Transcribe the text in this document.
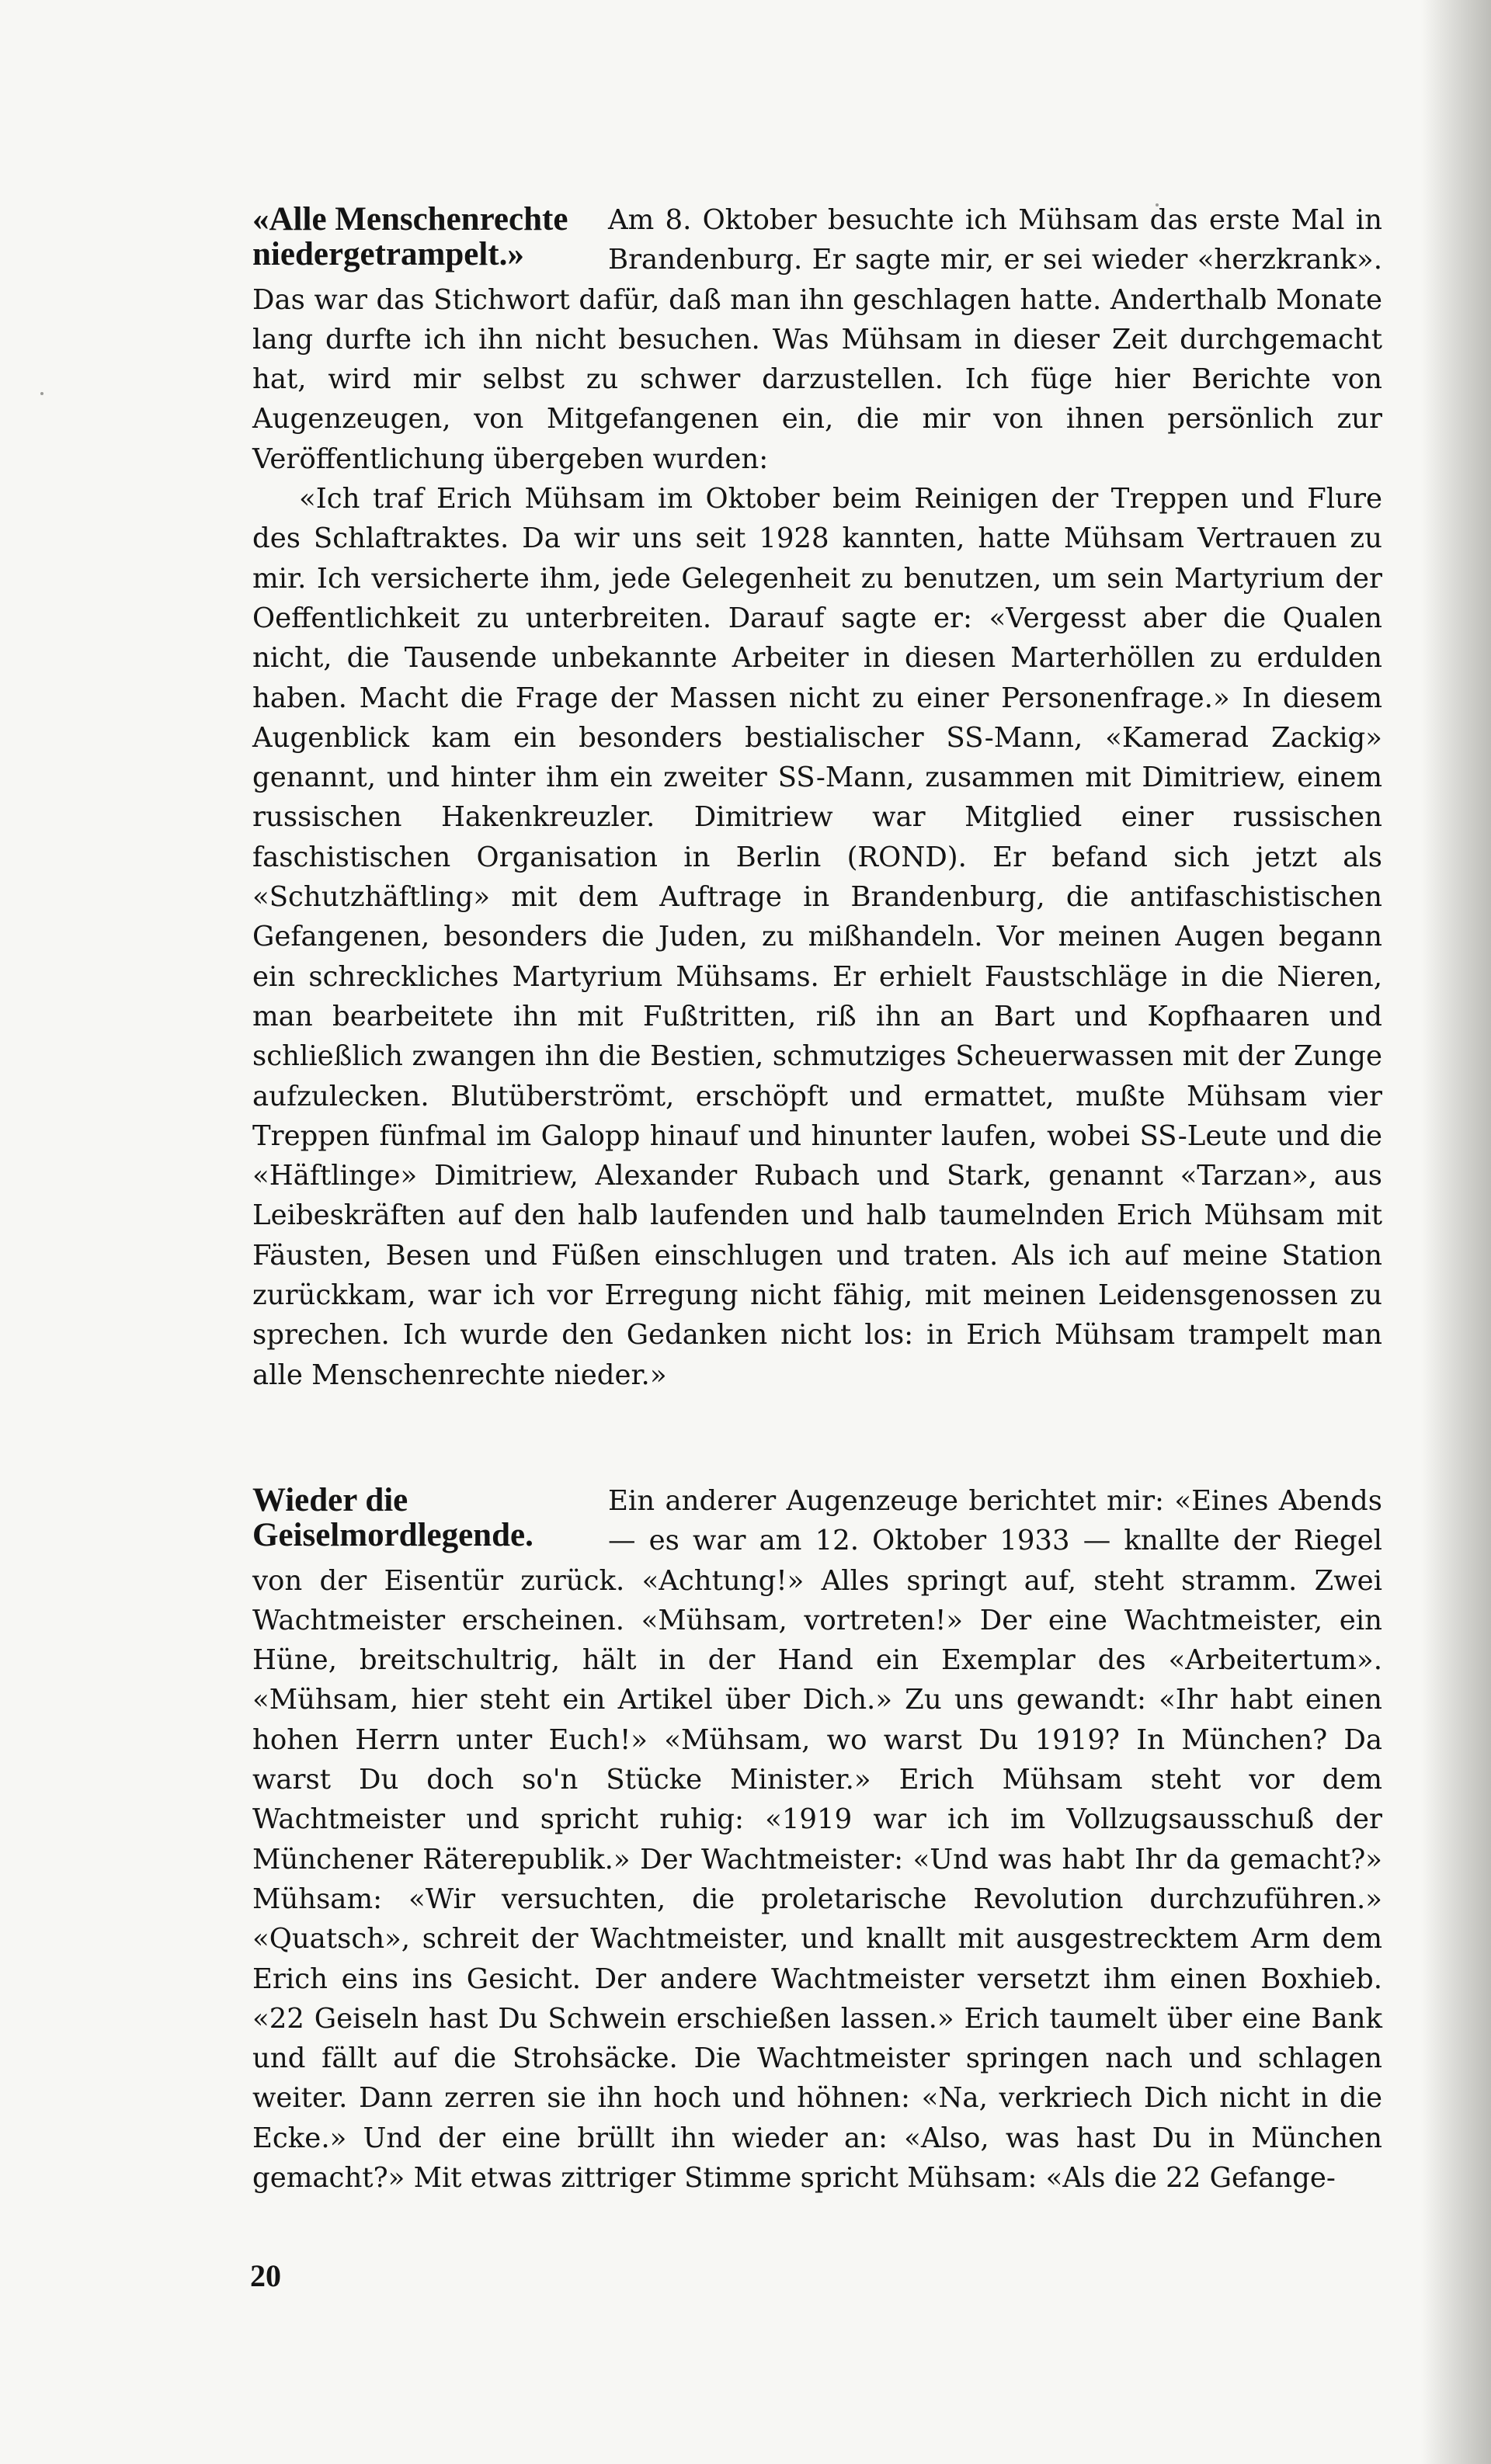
«Alle Menschenrechte niedergetrampelt.»

Am 8. Oktober besuchte ich Mühsam das erste Mal in Brandenburg. Er sagte mir, er sei wieder «herzkrank». Das war das Stichwort dafür, daß man ihn geschlagen hatte. Anderthalb Monate lang durfte ich ihn nicht besuchen. Was Mühsam in dieser Zeit durchgemacht hat, wird mir selbst zu schwer darzustellen. Ich füge hier Berichte von Augenzeugen, von Mitgefangenen ein, die mir von ihnen persönlich zur Veröffentlichung übergeben wurden:

«Ich traf Erich Mühsam im Oktober beim Reinigen der Treppen und Flure des Schlaftraktes. Da wir uns seit 1928 kannten, hatte Mühsam Vertrauen zu mir. Ich versicherte ihm, jede Gelegenheit zu benutzen, um sein Martyrium der Oeffentlichkeit zu unterbreiten. Darauf sagte er: «Vergesst aber die Qualen nicht, die Tausende unbekannte Arbeiter in diesen Marterhöllen zu erdulden haben. Macht die Frage der Massen nicht zu einer Personenfrage.» In diesem Augenblick kam ein besonders bestialischer SS-Mann, «Kamerad Zackig» genannt, und hinter ihm ein zweiter SS-Mann, zusammen mit Dimitriew, einem russischen Hakenkreuzler. Dimitriew war Mitglied einer russischen faschistischen Organisation in Berlin (ROND). Er befand sich jetzt als «Schutzhäftling» mit dem Auftrage in Brandenburg, die antifaschistischen Gefangenen, besonders die Juden, zu mißhandeln. Vor meinen Augen begann ein schreckliches Martyrium Mühsams. Er erhielt Faustschläge in die Nieren, man bearbeitete ihn mit Fußtritten, riß ihn an Bart und Kopfhaaren und schließlich zwangen ihn die Bestien, schmutziges Scheuerwassen mit der Zunge aufzulecken. Blutüberströmt, erschöpft und ermattet, mußte Mühsam vier Treppen fünfmal im Galopp hinauf und hinunter laufen, wobei SS-Leute und die «Häftlinge» Dimitriew, Alexander Rubach und Stark, genannt «Tarzan», aus Leibeskräften auf den halb laufenden und halb taumelnden Erich Mühsam mit Fäusten, Besen und Füßen einschlugen und traten. Als ich auf meine Station zurückkam, war ich vor Erregung nicht fähig, mit meinen Leidensgenossen zu sprechen. Ich wurde den Gedanken nicht los: in Erich Mühsam trampelt man alle Menschenrechte nieder.»

Wieder die Geiselmordlegende.

Ein anderer Augenzeuge berichtet mir: «Eines Abends — es war am 12. Oktober 1933 — knallte der Riegel von der Eisentür zurück. «Achtung!» Alles springt auf, steht stramm. Zwei Wachtmeister erscheinen. «Mühsam, vortreten!» Der eine Wachtmeister, ein Hüne, breitschultrig, hält in der Hand ein Exemplar des «Arbeitertum». «Mühsam, hier steht ein Artikel über Dich.» Zu uns gewandt: «Ihr habt einen hohen Herrn unter Euch!» «Mühsam, wo warst Du 1919? In München? Da warst Du doch so'n Stücke Minister.» Erich Mühsam steht vor dem Wachtmeister und spricht ruhig: «1919 war ich im Vollzugsausschuß der Münchener Räterepublik.» Der Wachtmeister: «Und was habt Ihr da gemacht?» Mühsam: «Wir versuchten, die proletarische Revolution durchzuführen.» «Quatsch», schreit der Wachtmeister, und knallt mit ausgestrecktem Arm dem Erich eins ins Gesicht. Der andere Wachtmeister versetzt ihm einen Boxhieb. «22 Geiseln hast Du Schwein erschießen lassen.» Erich taumelt über eine Bank und fällt auf die Strohsäcke. Die Wachtmeister springen nach und schlagen weiter. Dann zerren sie ihn hoch und höhnen: «Na, verkriech Dich nicht in die Ecke.» Und der eine brüllt ihn wieder an: «Also, was hast Du in München gemacht?» Mit etwas zittriger Stimme spricht Mühsam: «Als die 22 Gefange-

20
